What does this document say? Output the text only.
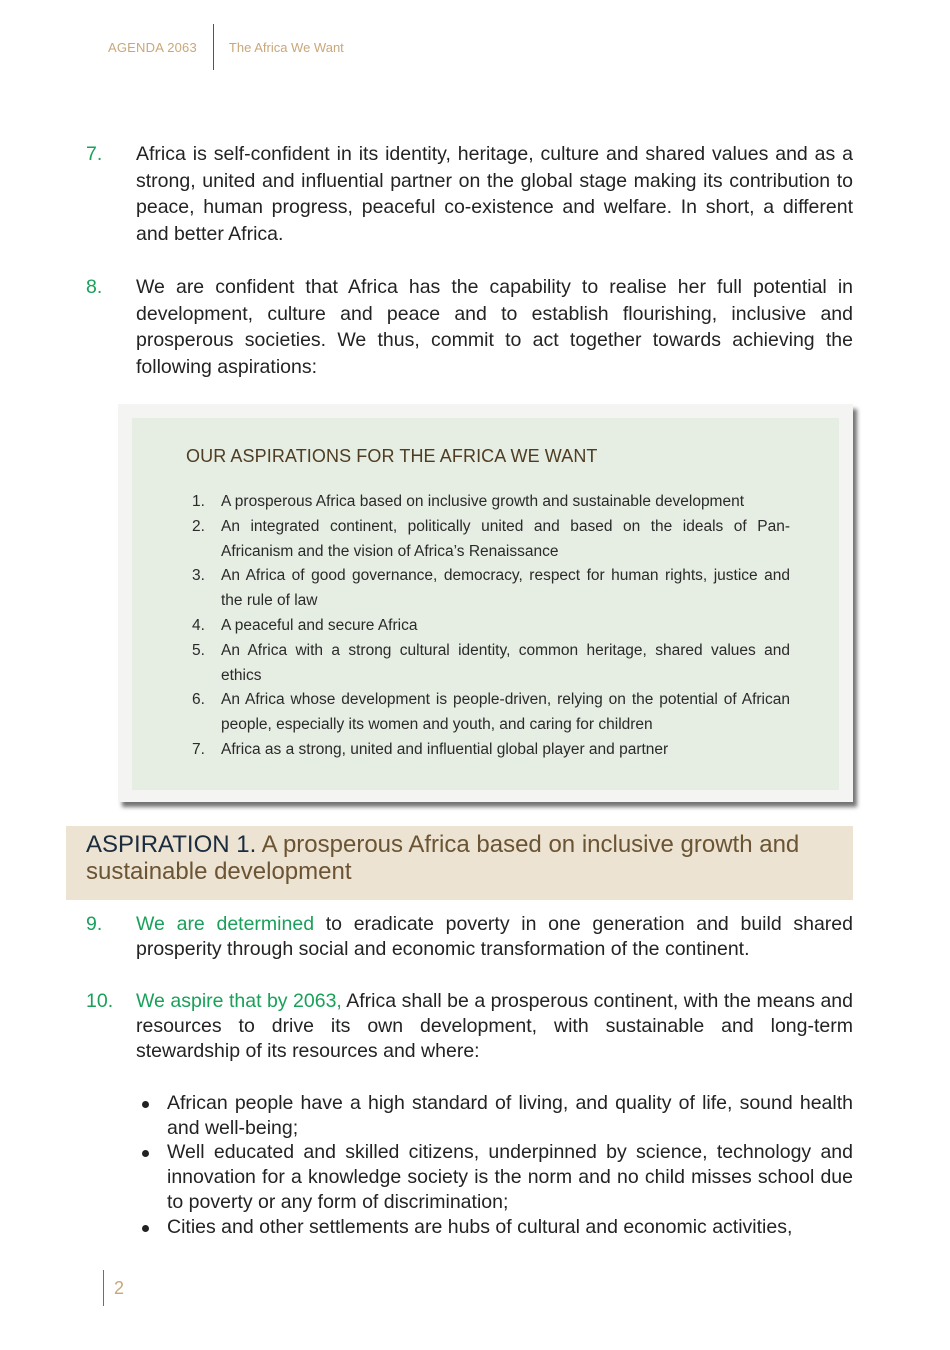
AGENDA 2063	The Africa We Want
7. Africa is self-confident in its identity, heritage, culture and shared values and as a strong, united and influential partner on the global stage making its contribution to peace, human progress, peaceful co-existence and welfare. In short, a different and better Africa.
8. We are confident that Africa has the capability to realise her full potential in development, culture and peace and to establish flourishing, inclusive and prosperous societies. We thus, commit to act together towards achieving the following aspirations:
OUR ASPIRATIONS FOR THE AFRICA WE WANT
1. A prosperous Africa based on inclusive growth and sustainable development
2. An integrated continent, politically united and based on the ideals of Pan-Africanism and the vision of Africa’s Renaissance
3. An Africa of good governance, democracy, respect for human rights, justice and the rule of law
4. A peaceful and secure Africa
5. An Africa with a strong cultural identity, common heritage, shared values and ethics
6. An Africa whose development is people-driven, relying on the potential of African people, especially its women and youth, and caring for children
7. Africa as a strong, united and influential global player and partner
ASPIRATION 1. A prosperous Africa based on inclusive growth and sustainable development
9. We are determined to eradicate poverty in one generation and build shared prosperity through social and economic transformation of the continent.
10. We aspire that by 2063, Africa shall be a prosperous continent, with the means and resources to drive its own development, with sustainable and long-term stewardship of its resources and where:
African people have a high standard of living, and quality of life, sound health and well-being;
Well educated and skilled citizens, underpinned by science, technology and innovation for a knowledge society is the norm and no child misses school due to poverty or any form of discrimination;
Cities and other settlements are hubs of cultural and economic activities,
2
